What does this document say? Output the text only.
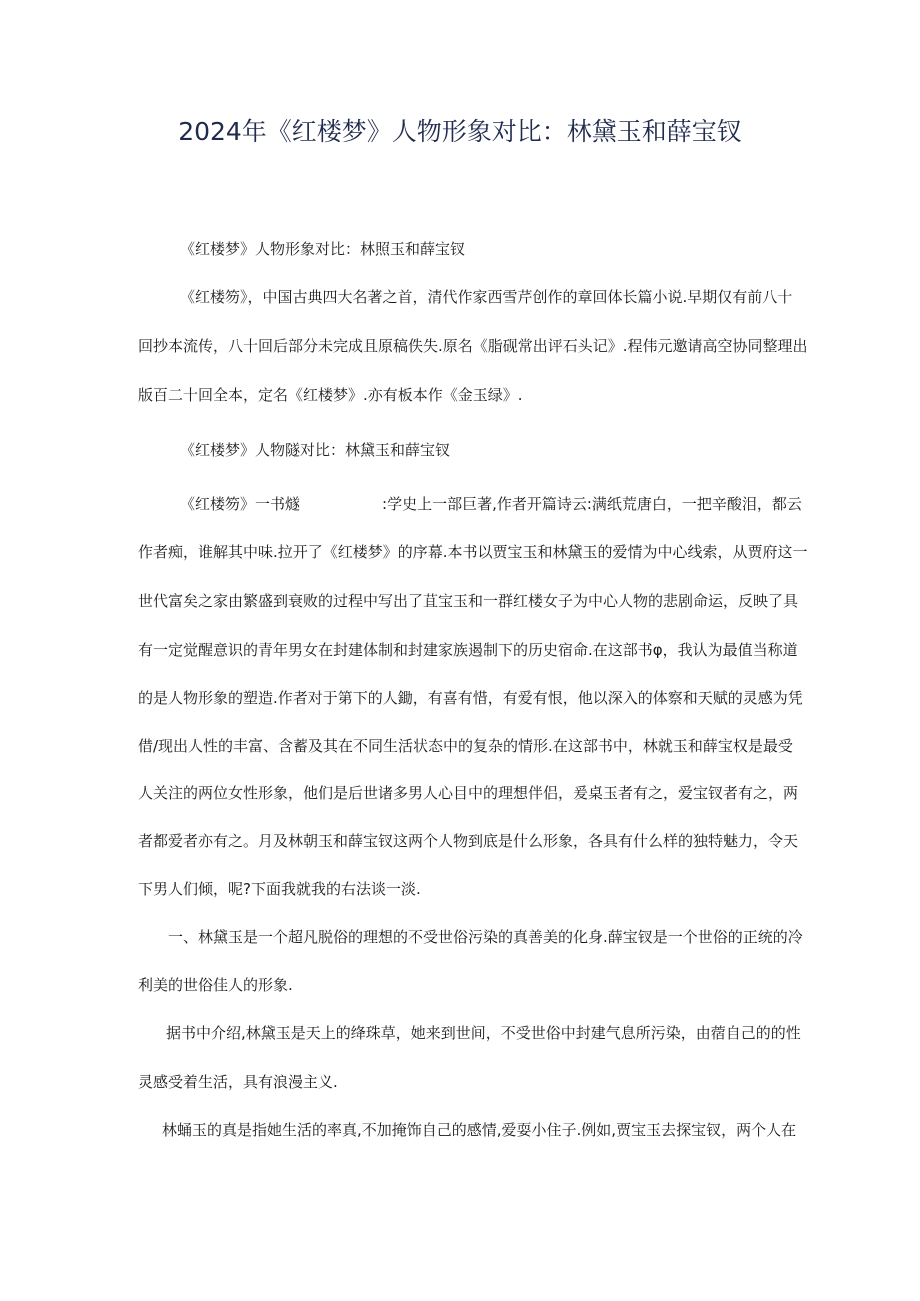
2024年《红楼梦》人物形象对比：林黛玉和薛宝钗
《红楼梦》人物形象对比：林照玉和薛宝钗
《红楼笏》，中国古典四大名著之首，清代作家西雪芹创作的章回体长篇小说.早期仅有前八十
回抄本流传，八十回后部分未完成且原稿佚失.原名《脂砚常出评石头记》.程伟元邀请高空协同整理出
版百二十回全本，定名《红楼梦》.亦有板本作《金玉绿》.
《红楼梦》人物隧对比：林黛玉和薛宝钗
《红楼笏》一书燧	:学史上一部巨著,作者开篇诗云:满纸荒唐白，一把辛酸泪，都云
作者痴，谁解其中味.拉开了《红楼梦》的序幕.本书以贾宝玉和林黛玉的爱情为中心线索，从贾府这一
世代富矣之家由繁盛到衰败的过程中写出了苴宝玉和一群红楼女子为中心人物的悲剧命运，反映了具
有一定觉醒意识的青年男女在封建体制和封建家族遏制下的历史宿命.在这部书φ，我认为最值当称道
的是人物形象的塑造.作者对于第下的人鋤，有喜有惜，有爱有恨，他以深入的体察和天赋的灵感为凭
借/现出人性的丰富、含蓄及其在不同生活状态中的复杂的情形.在这部书中，林就玉和薛宝权是最受
人关注的两位女性形象，他们是后世诸多男人心目中的理想伴侣，爰桌玉者有之，爱宝钗者有之，两
者都爱者亦有之。月及林朝玉和薛宝钗这两个人物到底是什么形象，各具有什么样的独特魅力，令天
下男人们倾，呢?下面我就我的右法谈一淡.
一、林黛玉是一个超凡脱俗的理想的不受世俗污染的真善美的化身.薛宝钗是一个世俗的正统的冷
利美的世俗佳人的形象.
据书中介绍,林黛玉是天上的绛珠草，她来到世间，不受世俗中封建气息所污染，由蓿自己的的性
灵感受着生活，具有浪漫主义.
林蛹玉的真是指她生活的率真,不加掩饰自己的感情,爱耍小住子.例如,贾宝玉去探宝钗，两个人在
